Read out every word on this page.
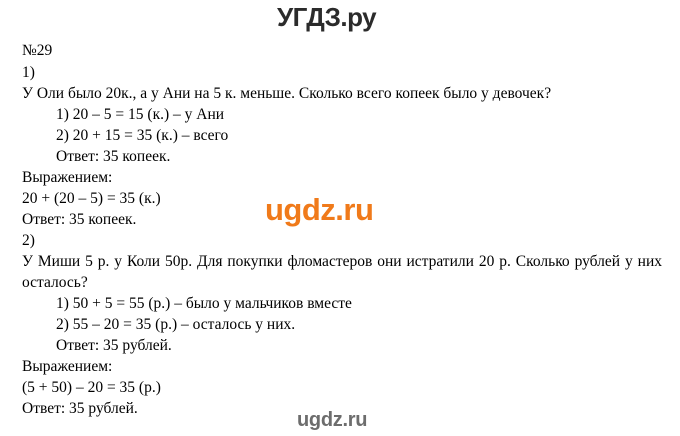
УГДЗ.ру
ugdz.ru
ugdz.ru
№29
1)
У Оли было 20к., а у Ани на 5 к. меньше. Сколько всего копеек было у девочек?
1) 20 – 5 = 15 (к.) – у Ани
2) 20 + 15 = 35 (к.) – всего
Ответ: 35 копеек.
Выражением:
20 + (20 – 5) = 35 (к.)
Ответ: 35 копеек.
2)
У Миши 5 р. у Коли 50р. Для покупки фломастеров они истратили 20 р. Сколько рублей у них осталось?
1) 50 + 5 = 55 (р.) – было у мальчиков вместе
2) 55 – 20 = 35 (р.) – осталось у них.
Ответ: 35 рублей.
Выражением:
(5 + 50) – 20 = 35 (р.)
Ответ: 35 рублей.
